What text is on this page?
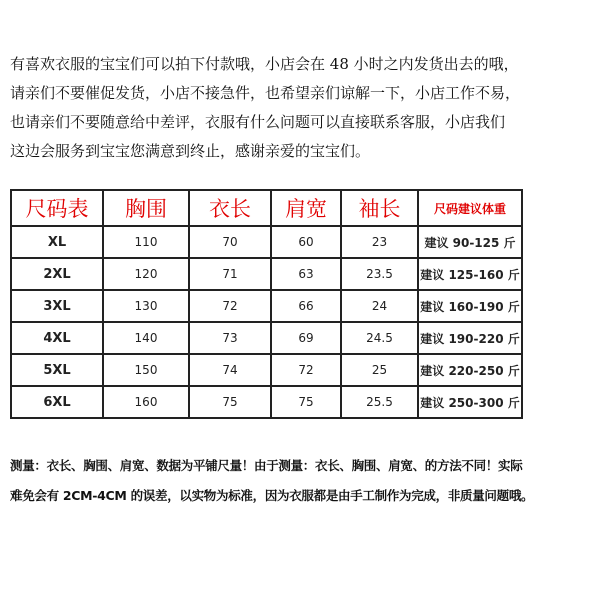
有喜欢衣服的宝宝们可以拍下付款哦，小店会在 48 小时之内发货出去的哦，
请亲们不要催促发货，小店不接急件，也希望亲们谅解一下，小店工作不易，
也请亲们不要随意给中差评，衣服有什么问题可以直接联系客服，小店我们
这边会服务到宝宝您满意到终止，感谢亲爱的宝宝们。
尺码表	胸围	衣长	肩宽	袖长	尺码建议体重
XL	110	70	60	23	建议 90-125 斤
2XL	120	71	63	23.5	建议 125-160 斤
3XL	130	72	66	24	建议 160-190 斤
4XL	140	73	69	24.5	建议 190-220 斤
5XL	150	74	72	25	建议 220-250 斤
6XL	160	75	75	25.5	建议 250-300 斤
测量：衣长、胸围、肩宽、数据为平铺尺量！由于测量：衣长、胸围、肩宽、的方法不同！实际
难免会有 2CM-4CM 的误差，以实物为标准，因为衣服都是由手工制作为完成，非质量问题哦。
